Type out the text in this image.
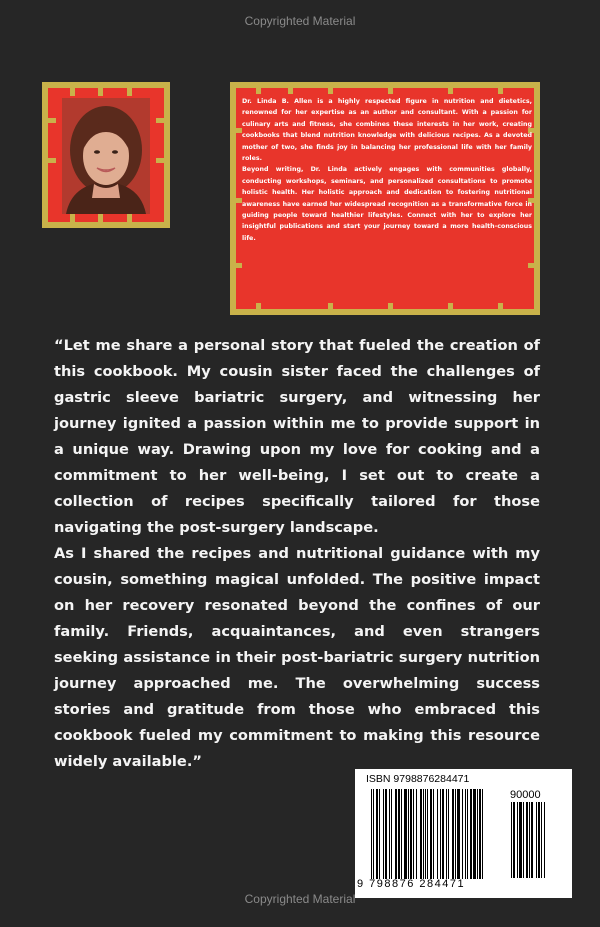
Copyrighted Material

Dr. Linda B. Allen is a highly respected figure in nutrition and dietetics, renowned for her expertise as an author and consultant. With a passion for culinary arts and fitness, she combines these interests in her work, creating cookbooks that blend nutrition knowledge with delicious recipes. As a devoted mother of two, she finds joy in balancing her professional life with her family roles.

Beyond writing, Dr. Linda actively engages with communities globally, conducting workshops, seminars, and personalized consultations to promote holistic health. Her holistic approach and dedication to fostering nutritional awareness have earned her widespread recognition as a transformative force in guiding people toward healthier lifestyles. Connect with her to explore her insightful publications and start your journey toward a more health-conscious life.

“Let me share a personal story that fueled the creation of this cookbook. My cousin sister faced the challenges of gastric sleeve bariatric surgery, and witnessing her journey ignited a passion within me to provide support in a unique way. Drawing upon my love for cooking and a commitment to her well-being, I set out to create a collection of recipes specifically tailored for those navigating the post-surgery landscape.

As I shared the recipes and nutritional guidance with my cousin, something magical unfolded. The positive impact on her recovery resonated beyond the confines of our family. Friends, acquaintances, and even strangers seeking assistance in their post-bariatric surgery nutrition journey approached me. The overwhelming success stories and gratitude from those who embraced this cookbook fueled my commitment to making this resource widely available.”

ISBN 9798876284471
90000
9 798876 284471
Copyrighted Material
